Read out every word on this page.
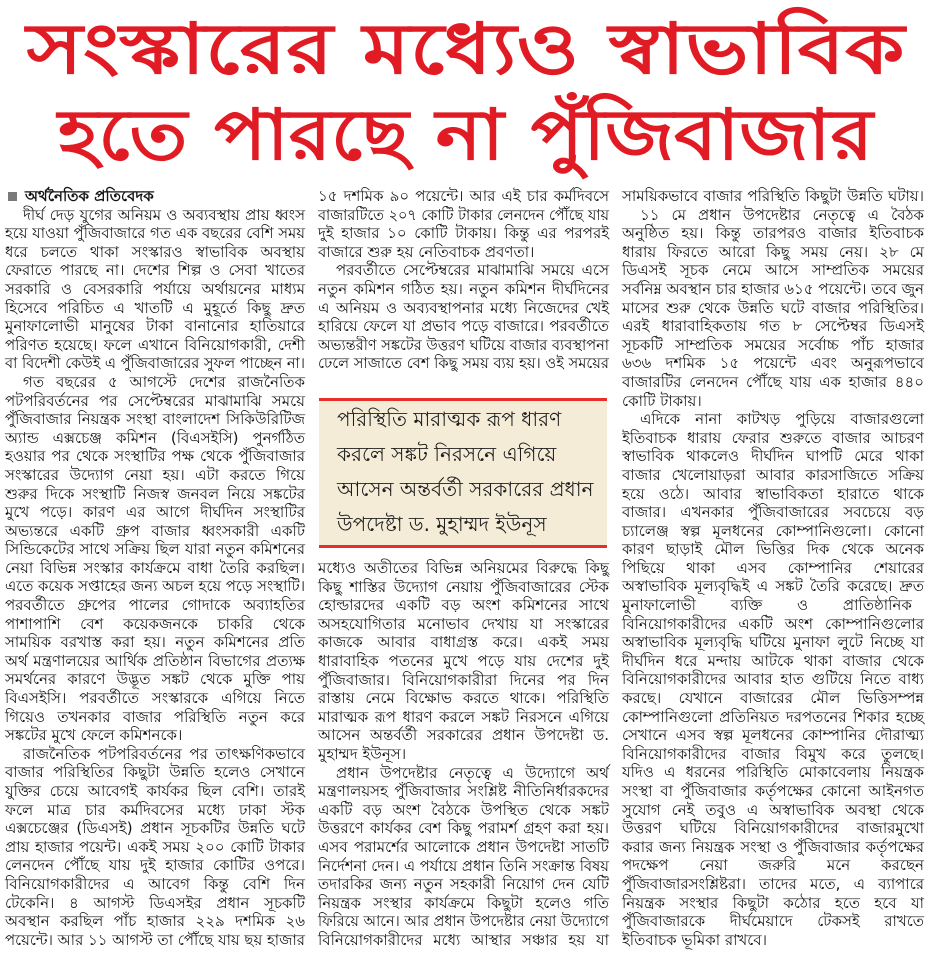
সংস্কারের মধ্যেও স্বাভাবিক
হতে পারছে না পুঁজিবাজার
অর্থনৈতিক প্রতিবেদক
দীর্ঘ দেড় যুগের অনিয়ম ও অব্যবস্থায় প্রায় ধ্বংস
হয়ে যাওয়া পুঁজিবাজারে গত এক বছরের বেশি সময়
ধরে চলতে থাকা সংস্কারও স্বাভাবিক অবস্থায়
ফেরাতে পারছে না। দেশের শিল্প ও সেবা খাতের
সরকারি ও বেসরকারি পর্যায়ে অর্থায়নের মাধ্যম
হিসেবে পরিচিত এ খাতটি এ মুহূর্তে কিছু দ্রুত
মুনাফালোভী মানুষের টাকা বানানোর হাতিয়ারে
পরিণত হয়েছে। ফলে এখানে বিনিয়োগকারী, দেশী
বা বিদেশী কেউই এ পুঁজিবাজারের সুফল পাচ্ছেন না।
গত বছরের ৫ আগস্টে দেশের রাজনৈতিক
পটপরিবর্তনের পর সেপ্টেম্বরের মাঝামাঝি সময়ে
পুঁজিবাজার নিয়ন্ত্রক সংস্থা বাংলাদেশ সিকিউরিটিজ
অ্যান্ড এক্সচেঞ্জ কমিশন (বিএসইসি) পুনর্গঠিত
হওয়ার পর থেকে সংস্থাটির পক্ষ থেকে পুঁজিবাজার
সংস্কারের উদ্যোগ নেয়া হয়। এটা করতে গিয়ে
শুরুর দিকে সংস্থাটি নিজস্ব জনবল নিয়ে সঙ্কটের
মুখে পড়ে। কারণ এর আগে দীর্ঘদিন সংস্থাটির
অভ্যন্তরে একটি গ্রুপ বাজার ধ্বংসকারী একটি
সিন্ডিকেটের সাথে সক্রিয় ছিল যারা নতুন কমিশনের
নেয়া বিভিন্ন সংস্কার কার্যক্রমে বাধা তৈরি করছিল।
এতে কয়েক সপ্তাহের জন্য অচল হয়ে পড়ে সংস্থাটি।
পরবর্তীতে গ্রুপের পালের গোদাকে অব্যাহতির
পাশাপাশি বেশ কয়েকজনকে চাকরি থেকে
সাময়িক বরখাস্ত করা হয়। নতুন কমিশনের প্রতি
অর্থ মন্ত্রণালয়ের আর্থিক প্রতিষ্ঠান বিভাগের প্রত্যক্ষ
সমর্থনের কারণে উদ্ভূত সঙ্কট থেকে মুক্তি পায়
বিএসইসি। পরবর্তীতে সংস্কারকে এগিয়ে নিতে
গিয়েও তখনকার বাজার পরিস্থিতি নতুন করে
সঙ্কটের মুখে ফেলে কমিশনকে।
রাজনৈতিক পটপরিবর্তনের পর তাৎক্ষণিকভাবে
বাজার পরিস্থিতির কিছুটা উন্নতি হলেও সেখানে
যুক্তির চেয়ে আবেগই কার্যকর ছিল বেশি। তারই
ফলে মাত্র চার কর্মদিবসের মধ্যে ঢাকা স্টক
এক্সচেঞ্জের (ডিএসই) প্রধান সূচকটির উন্নতি ঘটে
প্রায় হাজার পয়েন্ট। একই সময় ২০০ কোটি টাকার
লেনদেন পৌঁছে যায় দুই হাজার কোটির ওপরে।
বিনিয়োগকারীদের এ আবেগ কিন্তু বেশি দিন
টেকেনি। ৪ আগস্ট ডিএসইর প্রধান সূচকটি
অবস্থান করছিল পাঁচ হাজার ২২৯ দশমিক ২৬
পয়েন্টে। আর ১১ আগস্ট তা পৌঁছে যায় ছয় হাজার
১৫ দশমিক ৯০ পয়েন্টে। আর এই চার কর্মদিবসে
বাজারটিতে ২০৭ কোটি টাকার লেনদেন পৌঁছে যায়
দুই হাজার ১০ কোটি টাকায়। কিন্তু এর পরপরই
বাজারে শুরু হয় নেতিবাচক প্রবণতা।
পরবর্তীতে সেপ্টেম্বরের মাঝামাঝি সময়ে এসে
নতুন কমিশন গঠিত হয়। নতুন কমিশন দীর্ঘদিনের
এ অনিয়ম ও অব্যবস্থাপনার মধ্যে নিজেদের খেই
হারিয়ে ফেলে যা প্রভাব পড়ে বাজারে। পরবর্তীতে
অভ্যন্তরীণ সঙ্কটের উত্তরণ ঘটিয়ে বাজার ব্যবস্থাপনা
ঢেলে সাজাতে বেশ কিছু সময় ব্যয় হয়। ওই সময়ের
পরিস্থিতি মারাত্মক রূপ ধারণ
করলে সঙ্কট নিরসনে এগিয়ে
আসেন অন্তর্বর্তী সরকারের প্রধান
উপদেষ্টা ড. মুহাম্মদ ইউনূস
মধ্যেও অতীতের বিভিন্ন অনিয়মের বিরুদ্ধে কিছু
কিছু শাস্তির উদ্যোগ নেয়ায় পুঁজিবাজারের স্টেক
হোল্ডারদের একটি বড় অংশ কমিশনের সাথে
অসহযোগিতার মনোভাব দেখায় যা সংস্কারের
কাজকে আবার বাধাগ্রস্ত করে। একই সময়
ধারাবাহিক পতনের মুখে পড়ে যায় দেশের দুই
পুঁজিবাজার। বিনিয়োগকারীরা দিনের পর দিন
রাস্তায় নেমে বিক্ষোভ করতে থাকে। পরিস্থিতি
মারাত্মক রূপ ধারণ করলে সঙ্কট নিরসনে এগিয়ে
আসেন অন্তর্বর্তী সরকারের প্রধান উপদেষ্টা ড.
মুহাম্মদ ইউনূস।
প্রধান উপদেষ্টার নেতৃত্বে এ উদ্যোগে অর্থ
মন্ত্রণালয়সহ পুঁজিবাজার সংশ্লিষ্ট নীতিনির্ধারকদের
একটি বড় অংশ বৈঠকে উপস্থিত থেকে সঙ্কট
উত্তরণে কার্যকর বেশ কিছু পরামর্শ গ্রহণ করা হয়।
এসব পরামর্শের আলোকে প্রধান উপদেষ্টা সাতটি
নির্দেশনা দেন। এ পর্যায়ে প্রধান তিনি সংক্রান্ত বিষয়
তদারকির জন্য নতুন সহকারী নিয়োগ দেন যেটি
নিয়ন্ত্রক সংস্থার কার্যক্রমে কিছুটা হলেও গতি
ফিরিয়ে আনে। আর প্রধান উপদেষ্টার নেয়া উদ্যোগে
বিনিয়োগকারীদের মধ্যে আস্থার সঞ্চার হয় যা
সাময়িকভাবে বাজার পরিস্থিতি কিছুটা উন্নতি ঘটায়।
১১ মে প্রধান উপদেষ্টার নেতৃত্বে এ বৈঠক
অনুষ্ঠিত হয়। কিন্তু তারপরও বাজার ইতিবাচক
ধারায় ফিরতে আরো কিছু সময় নেয়। ২৮ মে
ডিএসই সূচক নেমে আসে সাম্প্রতিক সময়ের
সর্বনিম্ন অবস্থান চার হাজার ৬১৫ পয়েন্টে। তবে জুন
মাসের শুরু থেকে উন্নতি ঘটে বাজার পরিস্থিতির।
এরই ধারাবাহিকতায় গত ৮ সেপ্টেম্বর ডিএসই
সূচকটি সাম্প্রতিক সময়ের সর্বোচ্চ পাঁচ হাজার
৬৩৬ দশমিক ১৫ পয়েন্টে এবং অনুরূপভাবে
বাজারটির লেনদেন পৌঁছে যায় এক হাজার ৪৪০
কোটি টাকায়।
এদিকে নানা কাটখড় পুড়িয়ে বাজারগুলো
ইতিবাচক ধারায় ফেরার শুরুতে বাজার আচরণ
স্বাভাবিক থাকলেও দীর্ঘদিন ঘাপটি মেরে থাকা
বাজার খেলোয়াড়রা আবার কারসাজিতে সক্রিয়
হয়ে ওঠে। আবার স্বাভাবিকতা হারাতে থাকে
বাজার। এখনকার পুঁজিবাজারের সবচেয়ে বড়
চ্যালেঞ্জ স্বল্প মূলধনের কোম্পানিগুলো। কোনো
কারণ ছাড়াই মৌল ভিত্তির দিক থেকে অনেক
পিছিয়ে থাকা এসব কোম্পানির শেয়ারের
অস্বাভাবিক মূল্যবৃদ্ধিই এ সঙ্কট তৈরি করেছে। দ্রুত
মুনাফালোভী ব্যক্তি ও প্রাতিষ্ঠানিক
বিনিয়োগকারীদের একটি অংশ কোম্পানিগুলোর
অস্বাভাবিক মূল্যবৃদ্ধি ঘটিয়ে মুনাফা লুটে নিচ্ছে যা
দীর্ঘদিন ধরে মন্দায় আটকে থাকা বাজার থেকে
বিনিয়োগকারীদের আবার হাত গুটিয়ে নিতে বাধ্য
করছে। যেখানে বাজারের মৌল ভিত্তিসম্পন্ন
কোম্পানিগুলো প্রতিনিয়ত দরপতনের শিকার হচ্ছে
সেখানে এসব স্বল্প মূলধনের কোম্পানির দৌরাত্ম্য
বিনিয়োগকারীদের বাজার বিমুখ করে তুলছে।
যদিও এ ধরনের পরিস্থিতি মোকাবেলায় নিয়ন্ত্রক
সংস্থা বা পুঁজিবাজার কর্তৃপক্ষের কোনো আইনগত
সুযোগ নেই তবুও এ অস্বাভাবিক অবস্থা থেকে
উত্তরণ ঘটিয়ে বিনিয়োগকারীদের বাজারমুখো
করার জন্য নিয়ন্ত্রক সংস্থা ও পুঁজিবাজার কর্তৃপক্ষের
পদক্ষেপ নেয়া জরুরি মনে করছেন
পুঁজিবাজারসংশ্লিষ্টরা। তাদের মতে, এ ব্যাপারে
নিয়ন্ত্রক সংস্থার কিছুটা কঠোর হতে হবে যা
পুঁজিবাজারকে দীর্ঘমেয়াদে টেকসই রাখতে
ইতিবাচক ভূমিকা রাখবে।
